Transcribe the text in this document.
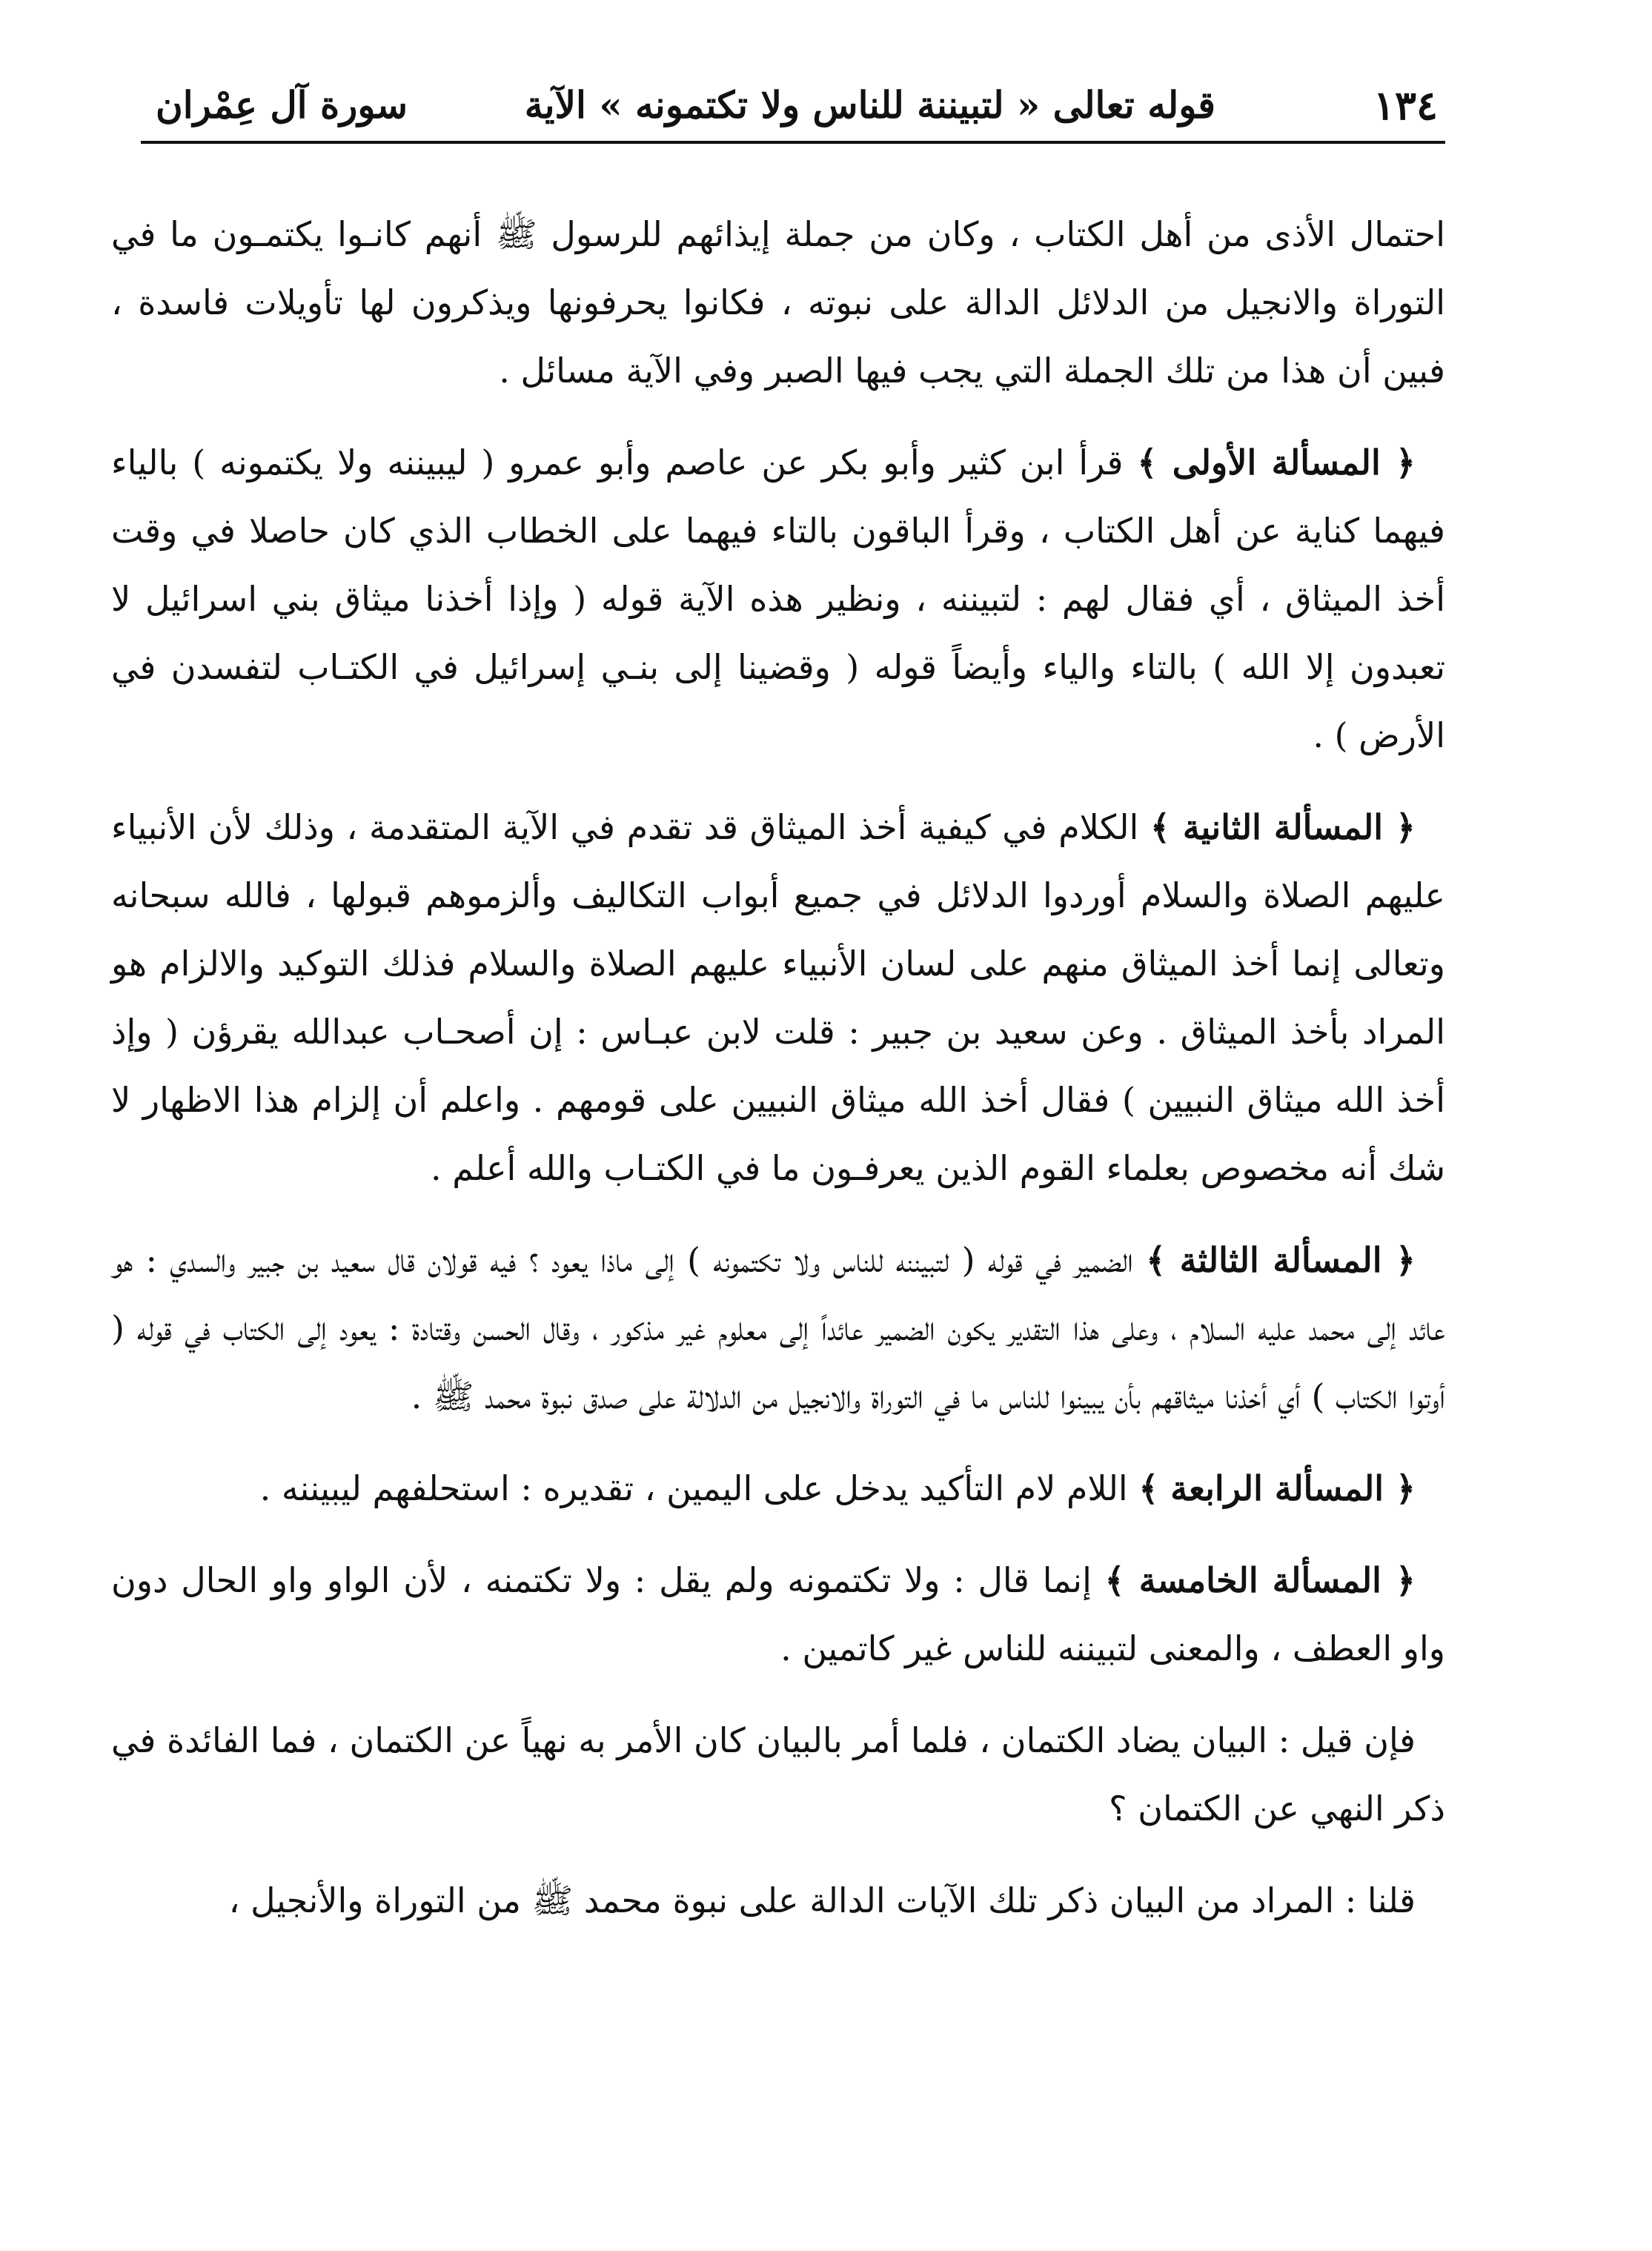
١٣٤
قوله تعالى « لتبيننة للناس ولا تكتمونه » الآية
سورة آل عِمْران

احتمال الأذى من أهل الكتاب ، وكان من جملة إيذائهم للرسول ﷺ أنهم كانـوا يكتمـون ما في التوراة والانجيل من الدلائل الدالة على نبوته ، فكانوا يحرفونها ويذكرون لها تأويلات فاسدة ، فبين أن هذا من تلك الجملة التي يجب فيها الصبر وفي الآية مسائل .

﴿ المسألة الأولى ﴾ قرأ ابن كثير وأبو بكر عن عاصم وأبو عمرو ( ليبيننه ولا يكتمونه ) بالياء فيهما كناية عن أهل الكتاب ، وقرأ الباقون بالتاء فيهما على الخطاب الذي كان حاصلا في وقت أخذ الميثاق ، أي فقال لهم : لتبيننه ، ونظير هذه الآية قوله ( وإذا أخذنا ميثاق بني اسرائيل لا تعبدون إلا الله ) بالتاء والياء وأيضاً قوله ( وقضينا إلى بنـي إسرائيل في الكتـاب لتفسدن في الأرض ) .

﴿ المسألة الثانية ﴾ الكلام في كيفية أخذ الميثاق قد تقدم في الآية المتقدمة ، وذلك لأن الأنبياء عليهم الصلاة والسلام أوردوا الدلائل في جميع أبواب التكاليف وألزموهم قبولها ، فالله سبحانه وتعالى إنما أخذ الميثاق منهم على لسان الأنبياء عليهم الصلاة والسلام فذلك التوكيد والالزام هو المراد بأخذ الميثاق . وعن سعيد بن جبير : قلت لابن عبـاس : إن أصحـاب عبدالله يقرؤن ( وإذ أخذ الله ميثاق النبيين ) فقال أخذ الله ميثاق النبيين على قومهم . واعلم أن إلزام هذا الاظهار لا شك أنه مخصوص بعلماء القوم الذين يعرفـون ما في الكتـاب والله أعلم .

﴿ المسألة الثالثة ﴾ الضمير في قوله ( لتبيننه للناس ولا تكتمونه ) إلى ماذا يعود ؟ فيه قولان قال سعيد بن جبير والسدي : هو عائد إلى محمد عليه السلام ، وعلى هذا التقدير يكون الضمير عائداً إلى معلوم غير مذكور ، وقال الحسن وقتادة : يعود إلى الكتاب في قوله ( أوتوا الكتاب ) أي أخذنا ميثاقهم بأن يبينوا للناس ما في التوراة والانجيل من الدلالة على صدق نبوة محمد ﷺ .

﴿ المسألة الرابعة ﴾ اللام لام التأكيد يدخل على اليمين ، تقديره : استحلفهم ليبيننه .

﴿ المسألة الخامسة ﴾ إنما قال : ولا تكتمونه ولم يقل : ولا تكتمنه ، لأن الواو واو الحال دون واو العطف ، والمعنى لتبيننه للناس غير كاتمين .

فإن قيل : البيان يضاد الكتمان ، فلما أمر بالبيان كان الأمر به نهياً عن الكتمان ، فما الفائدة في ذكر النهي عن الكتمان ؟

قلنا : المراد من البيان ذكر تلك الآيات الدالة على نبوة محمد ﷺ من التوراة والأنجيل ،
